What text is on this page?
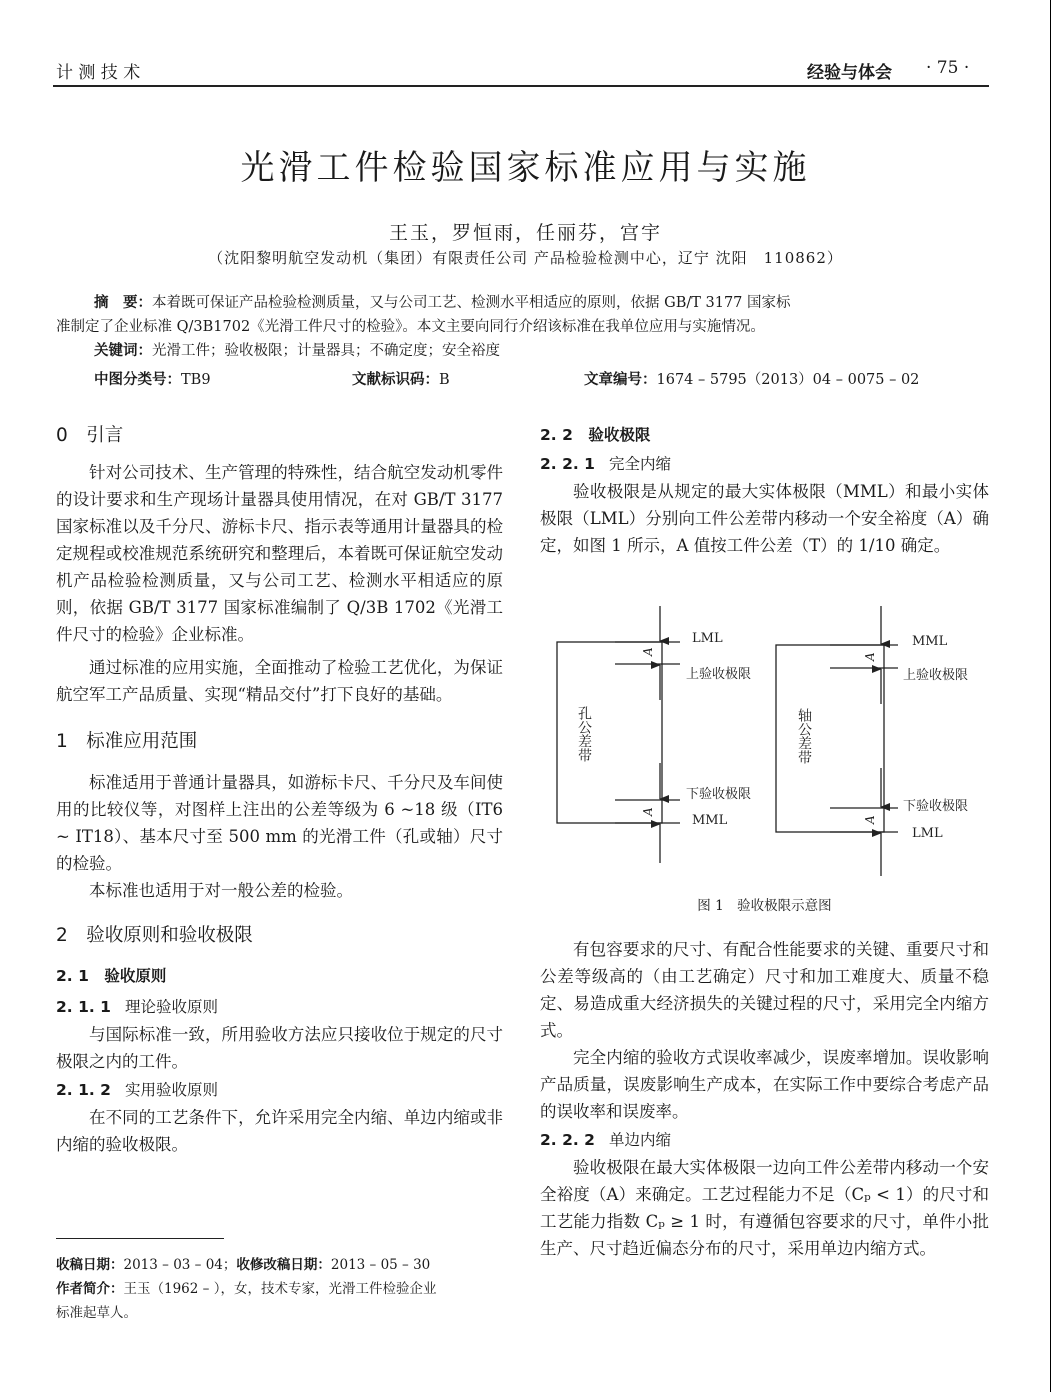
计 测 技 术	经验与体会 · 75 ·
光滑工件检验国家标准应用与实施
王玉，罗恒雨，任丽芬，宫宇
（沈阳黎明航空发动机（集团）有限责任公司 产品检验检测中心，辽宁 沈阳　110862）
摘　要：本着既可保证产品检验检测质量，又与公司工艺、检测水平相适应的原则，依据 GB/T 3177 国家标
准制定了企业标准 Q/3B1702《光滑工件尺寸的检验》。本文主要向同行介绍该标准在我单位应用与实施情况。
关键词：光滑工件；验收极限；计量器具；不确定度；安全裕度
中图分类号：TB9	文献标识码：B	文章编号：1674 – 5795（2013）04 – 0075 – 02

0　引言

针对公司技术、生产管理的特殊性，结合航空发动机零件的设计要求和生产现场计量器具使用情况，在对 GB/T 3177 国家标准以及千分尺、游标卡尺、指示表等通用计量器具的检定规程或校准规范系统研究和整理后，本着既可保证航空发动机产品检验检测质量，又与公司工艺、检测水平相适应的原则，依据 GB/T 3177 国家标准编制了 Q/3B 1702《光滑工件尺寸的检验》企业标准。

通过标准的应用实施，全面推动了检验工艺优化，为保证航空军工产品质量、实现“精品交付”打下良好的基础。

1　标准应用范围

标准适用于普通计量器具，如游标卡尺、千分尺及车间使用的比较仪等，对图样上注出的公差等级为 6 ~18 级（IT6 ~ IT18）、基本尺寸至 500 mm 的光滑工件（孔或轴）尺寸的检验。

本标准也适用于对一般公差的检验。

2　验收原则和验收极限

2. 1　验收原则

2. 1. 1 理论验收原则

与国际标准一致，所用验收方法应只接收位于规定的尺寸极限之内的工件。

2. 1. 2 实用验收原则

在不同的工艺条件下，允许采用完全内缩、单边内缩或非内缩的验收极限。

收稿日期：2013 – 03 – 04；收修改稿日期：2013 – 05 – 30
作者简介：王玉（1962 – ），女，技术专家，光滑工件检验企业
标准起草人。

2. 2　验收极限

2. 2. 1 完全内缩

验收极限是从规定的最大实体极限（MML）和最小实体极限（LML）分别向工件公差带内移动一个安全裕度（A）确定，如图 1 所示，A 值按工件公差（T）的 1/10 确定。

LML
上验收极限
下验收极限
MML
MML
上验收极限
下验收极限
LML
A
A
A
A
孔公差带	轴公差带
图 1　验收极限示意图

有包容要求的尺寸、有配合性能要求的关键、重要尺寸和公差等级高的（由工艺确定）尺寸和加工难度大、质量不稳定、易造成重大经济损失的关键过程的尺寸，采用完全内缩方式。

完全内缩的验收方式误收率减少，误废率增加。误收影响产品质量，误废影响生产成本，在实际工作中要综合考虑产品的误收率和误废率。

2. 2. 2 单边内缩

验收极限在最大实体极限一边向工件公差带内移动一个安全裕度（A）来确定。工艺过程能力不足（Cₚ < 1）的尺寸和工艺能力指数 Cₚ ≥ 1 时，有遵循包容要求的尺寸，单件小批生产、尺寸趋近偏态分布的尺寸，采用单边内缩方式。
